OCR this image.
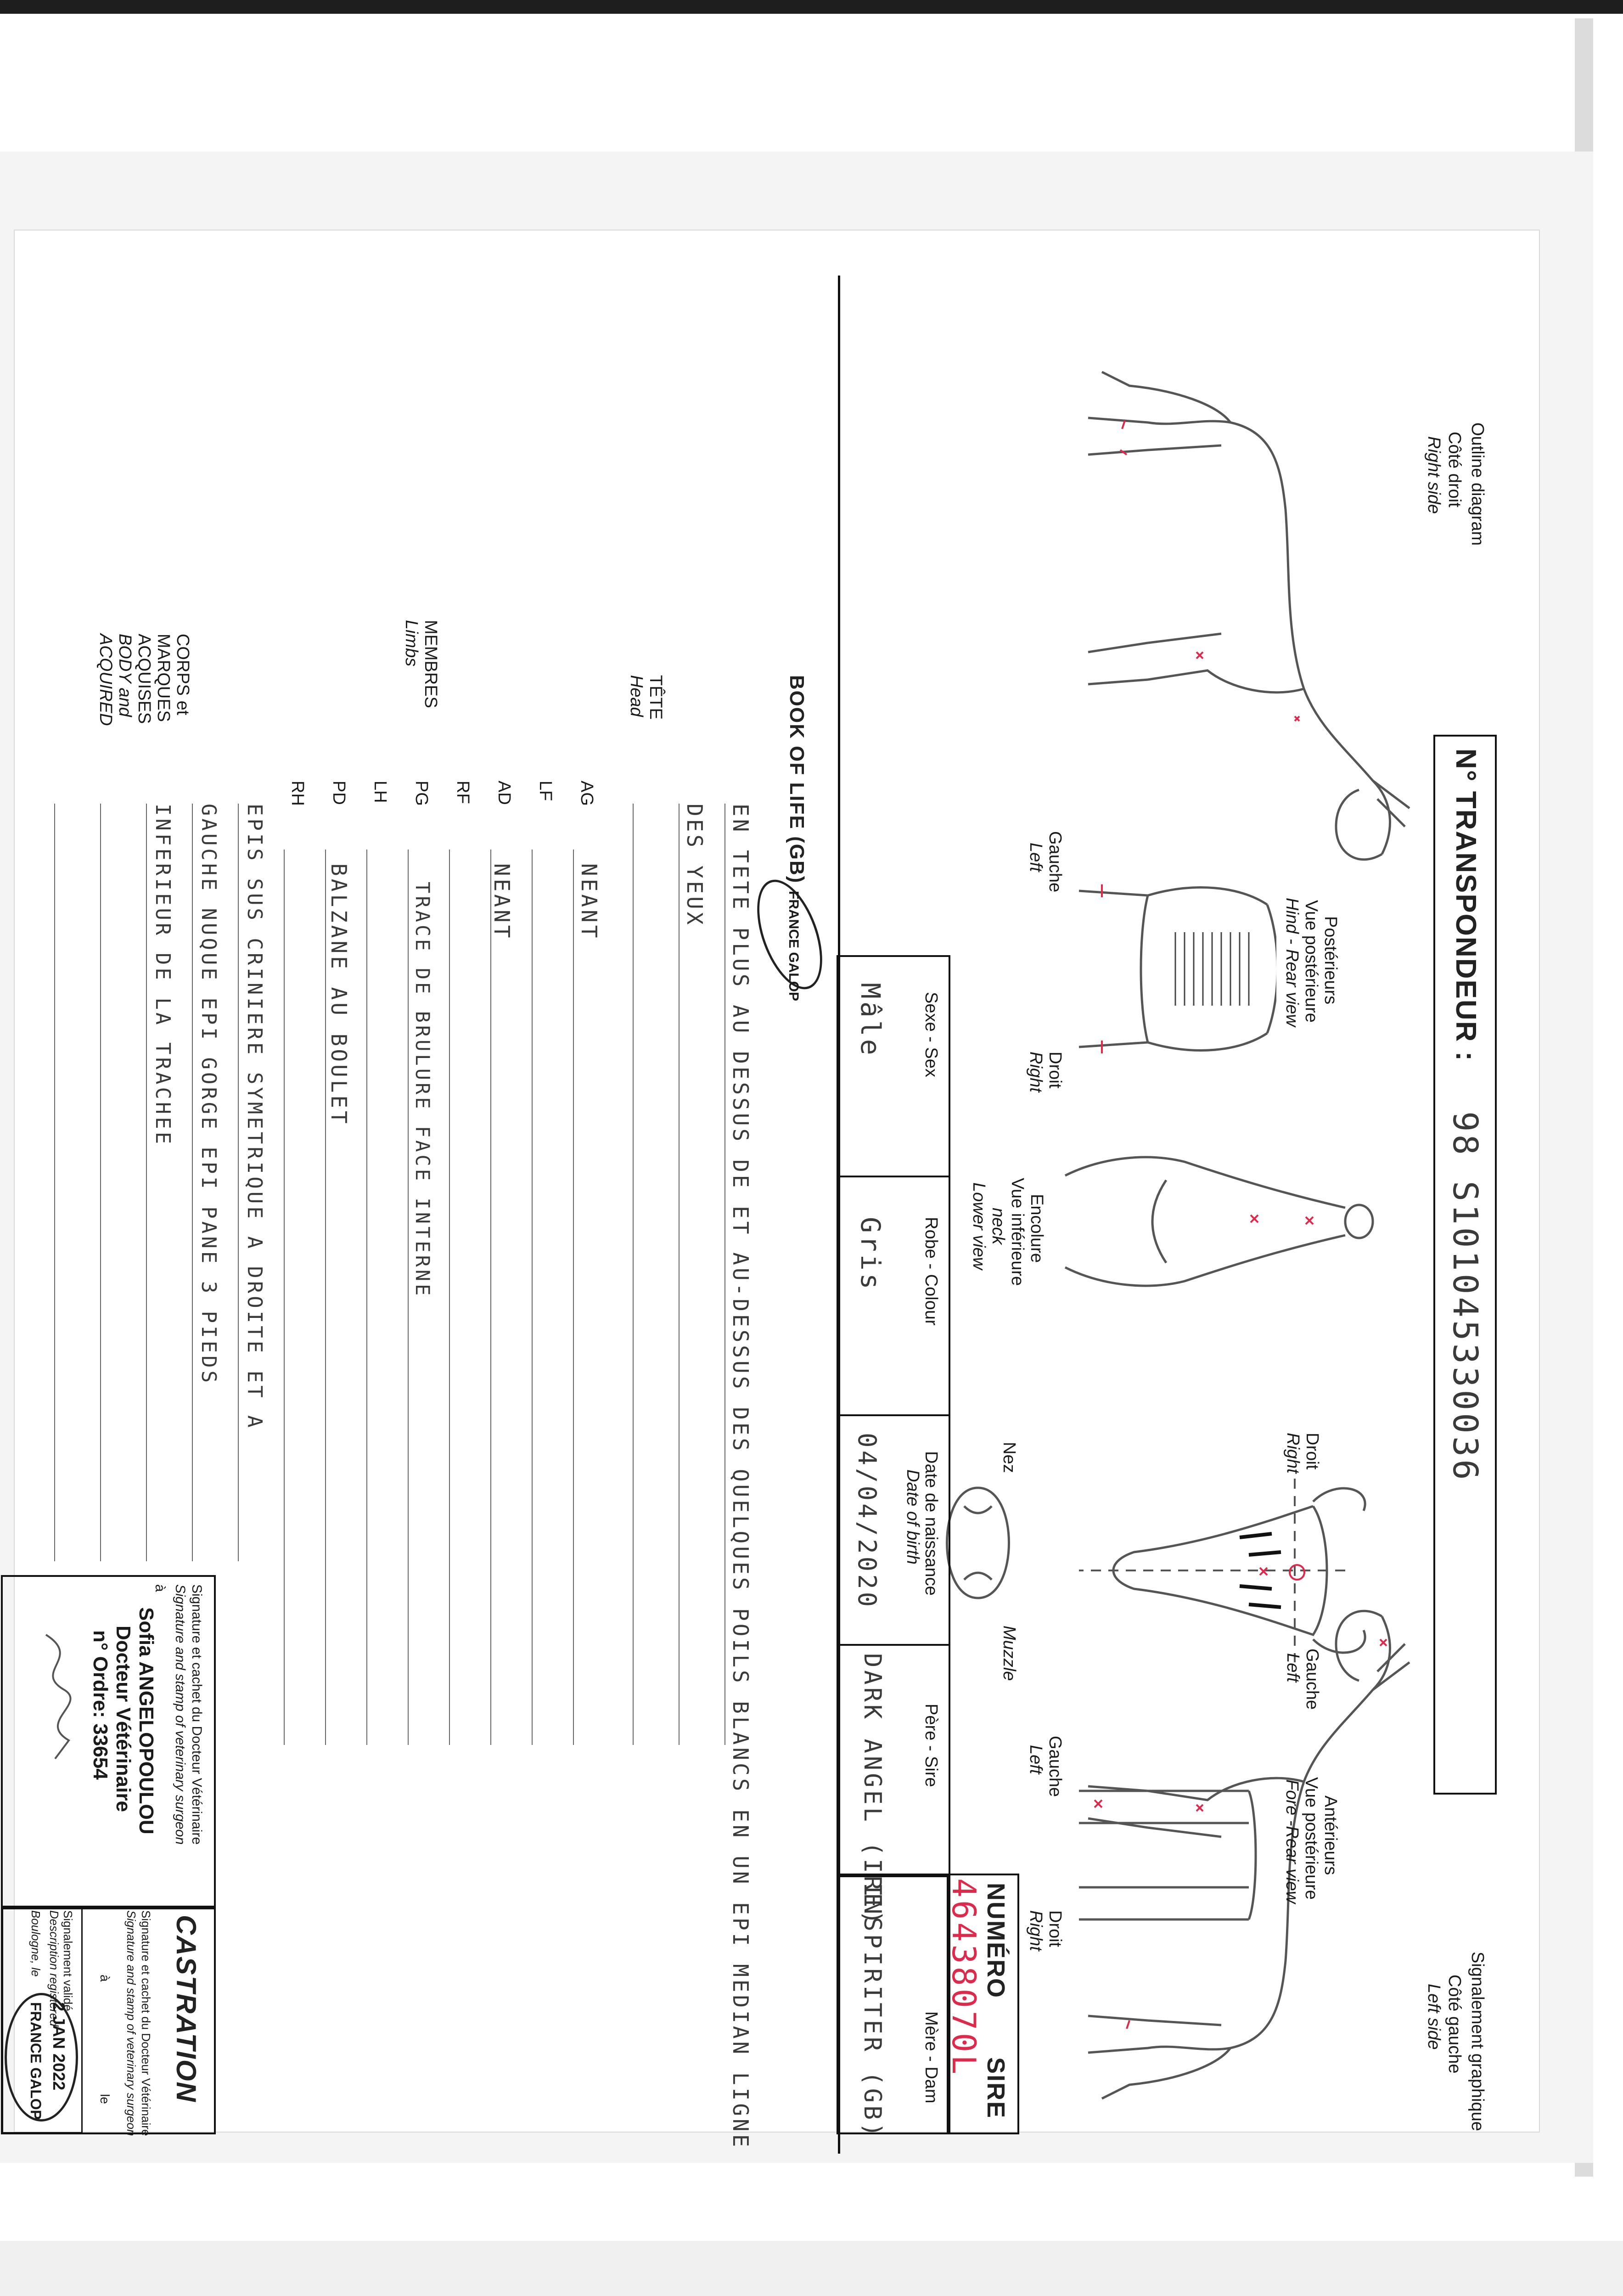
N° TRANSPONDEUR :
98 S101045330036
Outline diagram
Côté droit
Right side
Signalement graphique
Côté gauche
Left side
Postérieurs
Vue postérieure
Hind - Rear view
Gauche
Left
Droit
Right
Encolure
Vue inférieure
neck
Lower view
Droit
Right
Gauche
Left
Nez
Muzzle
Antérieurs
Vue postérieure
Fore -Rear view
Gauche
Left
Droit
Right
Sexe - Sex
Mâle
Robe - Colour
Gris
Date de naissance
Date of birth
04/04/2020
Père - Sire
DARK ANGEL (IRE)
Mère - Dam
INSPIRITER (GB)	NUMÉRO
SIRE
46438070L
BOOK OF LIFE (GB)
FRANCE GALOP
TÊTE
Head
EN TETE PLUS AU DESSUS DE ET AU-DESSUS DES QUELQUES POILS BLANCS EN UN EPI MEDIAN LIGNE
DES YEUX
MEMBRES
Limbs
AG
NEANT
LF
AD
NEANT
RF
PG
TRACE DE BRULURE FACE INTERNE
LH
PD
BALZANE AU BOULET
RH
CORPS et
MARQUES
ACQUISES
BODY and
ACQUIRED
EPIS SUS CRINIERE SYMETRIQUE A DROITE ET A
GAUCHE NUQUE EPI GORGE EPI PANE 3 PIEDS
INFERIEUR DE LA TRACHEE
Signature et cachet du Docteur Vétérinaire
Signature and stamp of veterinary surgeon
à
Sofia ANGELOPOULOU
Docteur Vétérinaire
n° Ordre: 33654
CASTRATION
Signature et cachet du Docteur Vétérinaire
Signature and stamp of veterinary surgeon
à
le
Signalement validé
Description registered
Boulogne, le
2 JAN 2022
FRANCE GALOP
